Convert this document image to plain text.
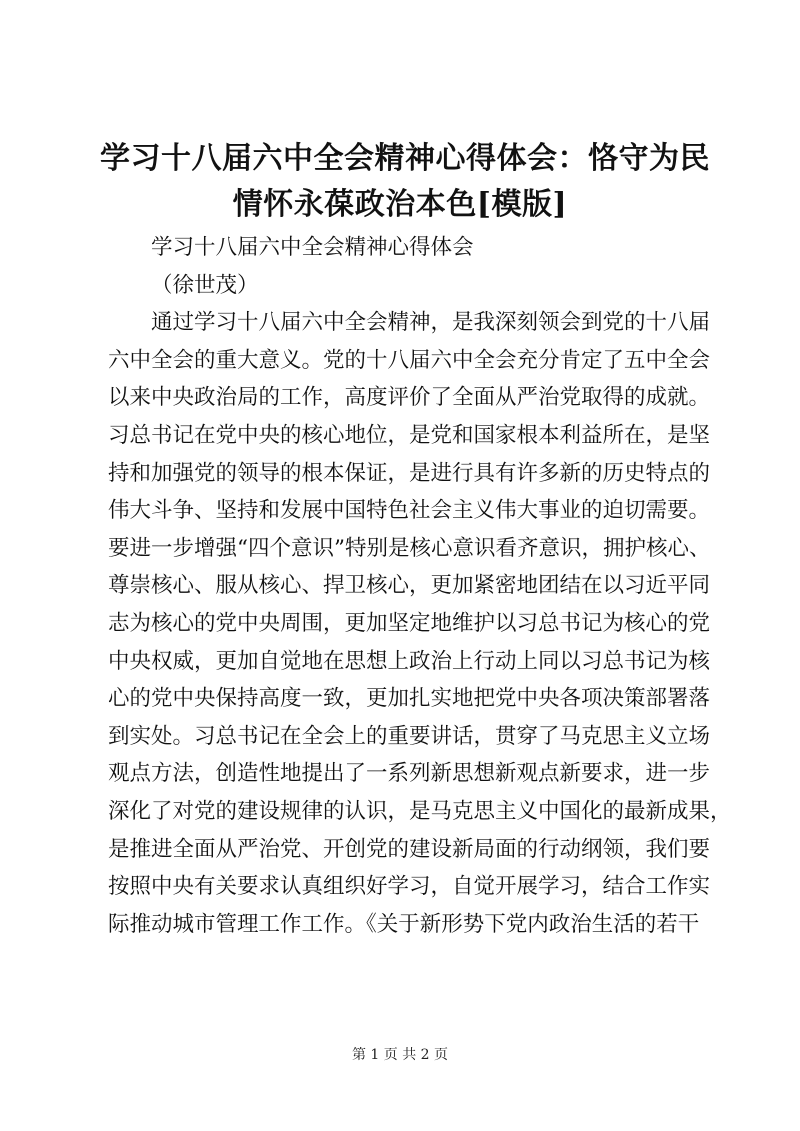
学习十八届六中全会精神心得体会：恪守为民
情怀永葆政治本色[模版]
学习十八届六中全会精神心得体会
（徐世茂）
通过学习十八届六中全会精神，是我深刻领会到党的十八届
六中全会的重大意义。党的十八届六中全会充分肯定了五中全会
以来中央政治局的工作，高度评价了全面从严治党取得的成就。
习总书记在党中央的核心地位，是党和国家根本利益所在，是坚
持和加强党的领导的根本保证，是进行具有许多新的历史特点的
伟大斗争、坚持和发展中国特色社会主义伟大事业的迫切需要。
要进一步增强“四个意识”特别是核心意识看齐意识，拥护核心、
尊崇核心、服从核心、捍卫核心，更加紧密地团结在以习近平同
志为核心的党中央周围，更加坚定地维护以习总书记为核心的党
中央权威，更加自觉地在思想上政治上行动上同以习总书记为核
心的党中央保持高度一致，更加扎实地把党中央各项决策部署落
到实处。习总书记在全会上的重要讲话，贯穿了马克思主义立场
观点方法，创造性地提出了一系列新思想新观点新要求，进一步
深化了对党的建设规律的认识，是马克思主义中国化的最新成果，
是推进全面从严治党、开创党的建设新局面的行动纲领，我们要
按照中央有关要求认真组织好学习，自觉开展学习，结合工作实
际推动城市管理工作工作。《关于新形势下党内政治生活的若干
第 1 页 共 2 页
